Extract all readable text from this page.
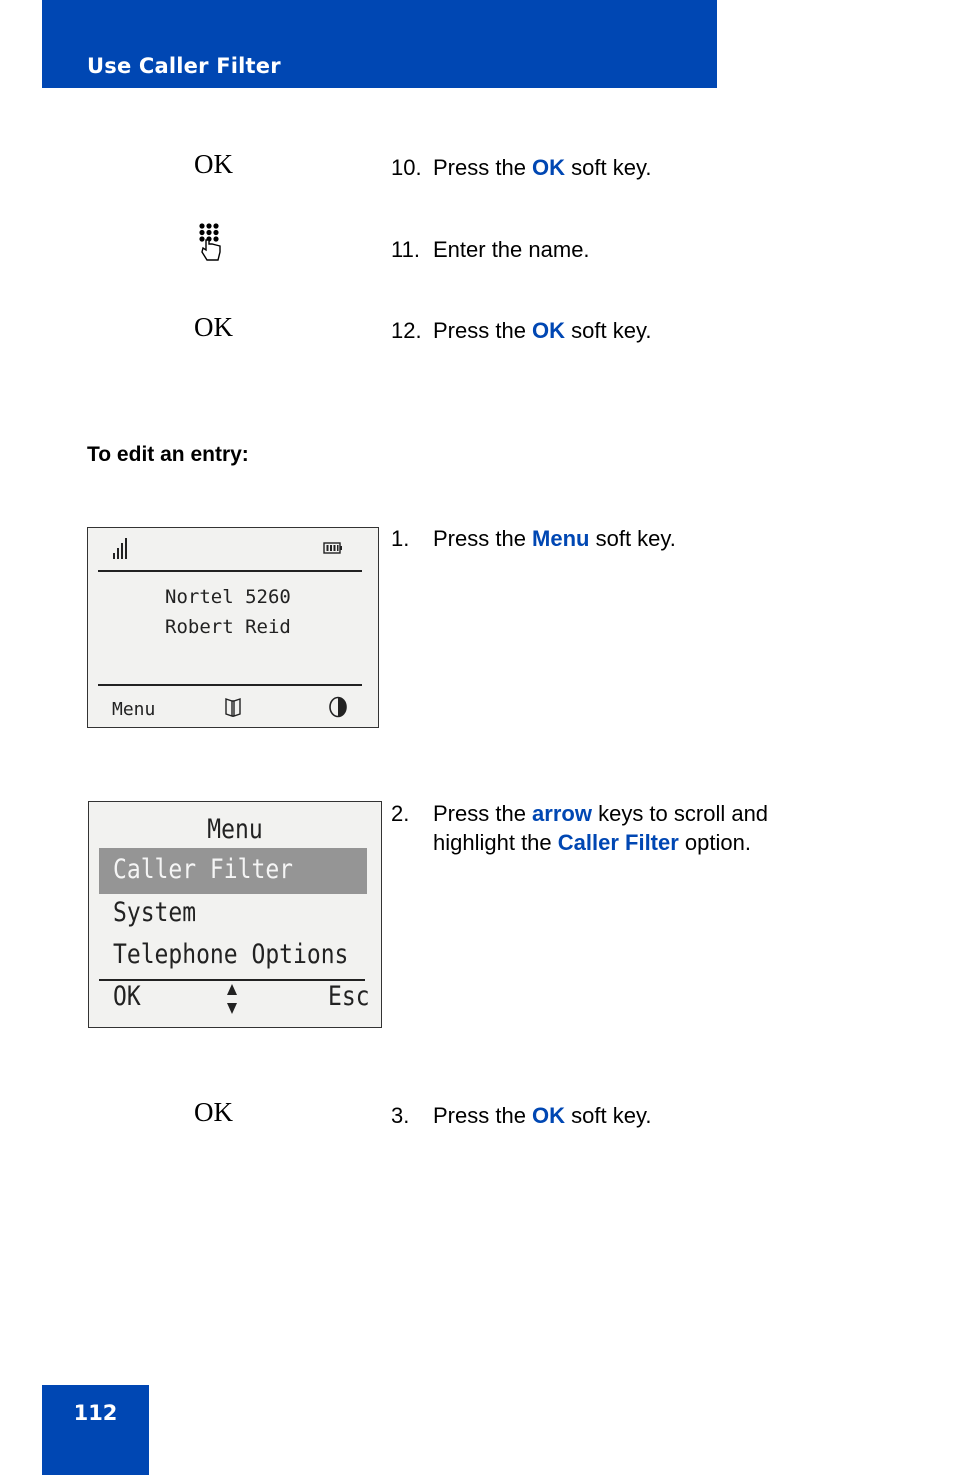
Use Caller Filter
OK	10. Press the OK soft key.
11. Enter the name.
OK	12. Press the OK soft key.
To edit an entry:
Nortel 5260
Robert Reid
Menu
1. Press the Menu soft key.
Menu
Caller Filter
System
Telephone Options
OK	Esc
2. Press the arrow keys to scroll and
highlight the Caller Filter option.
OK	3. Press the OK soft key.
112
